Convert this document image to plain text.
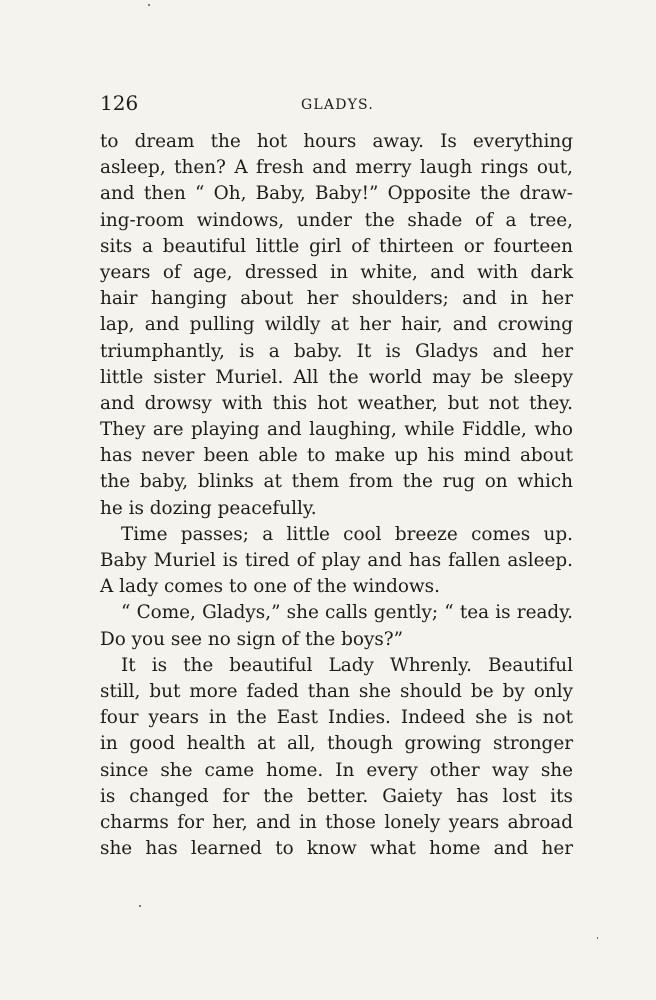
126	GLADYS.
to dream the hot hours away. Is everything
asleep, then? A fresh and merry laugh rings out,
and then “ Oh, Baby, Baby!” Opposite the draw-
ing-room windows, under the shade of a tree,
sits a beautiful little girl of thirteen or fourteen
years of age, dressed in white, and with dark
hair hanging about her shoulders; and in her
lap, and pulling wildly at her hair, and crowing
triumphantly, is a baby. It is Gladys and her
little sister Muriel. All the world may be sleepy
and drowsy with this hot weather, but not they.
They are playing and laughing, while Fiddle, who
has never been able to make up his mind about
the baby, blinks at them from the rug on which
he is dozing peacefully.
Time passes; a little cool breeze comes up.
Baby Muriel is tired of play and has fallen asleep.
A lady comes to one of the windows.
“ Come, Gladys,” she calls gently; “ tea is ready.
Do you see no sign of the boys?”
It is the beautiful Lady Whrenly. Beautiful
still, but more faded than she should be by only
four years in the East Indies. Indeed she is not
in good health at all, though growing stronger
since she came home. In every other way she
is changed for the better. Gaiety has lost its
charms for her, and in those lonely years abroad
she has learned to know what home and her
